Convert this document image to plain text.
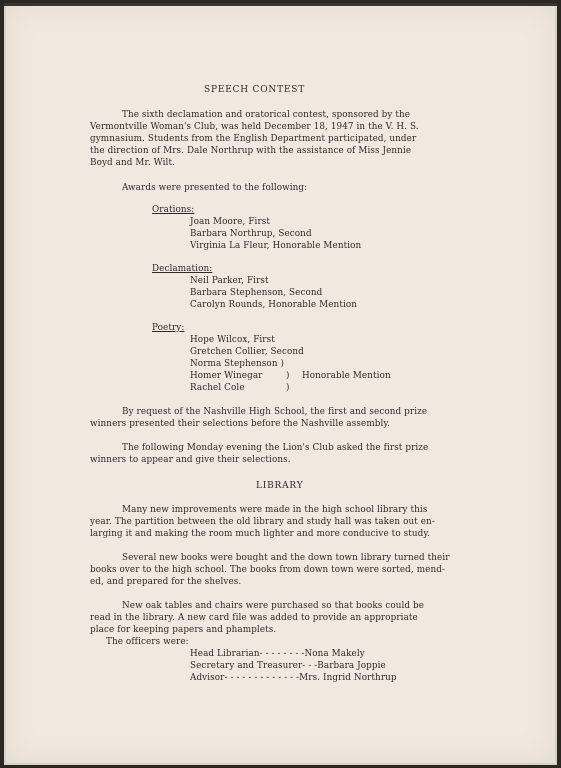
SPEECH CONTEST
The sixth declamation and oratorical contest, sponsored by the
Vermontville Woman's Club, was held December 18, 1947 in the V. H. S.
gymnasium. Students from the English Department participated, under
the direction of Mrs. Dale Northrup with the assistance of Miss Jennie
Boyd and Mr. Wilt.
Awards were presented to the following:
Orations:
Joan Moore, First
Barbara Northrup, Second
Virginia La Fleur, Honorable Mention
Declamation:
Neil Parker, First
Barbara Stephenson, Second
Carolyn Rounds, Honorable Mention
Poetry:
Hope Wilcox, First
Gretchen Collier, Second
Norma Stephenson )
Homer Winegar	) Honorable Mention
Rachel Cole	)
By request of the Nashville High School, the first and second prize
winners presented their selections before the Nashville assembly.
The following Monday evening the Lion's Club asked the first prize
winners to appear and give their selections.
LIBRARY
Many new improvements were made in the high school library this
year. The partition between the old library and study hall was taken out en-
larging it and making the room much lighter and more conducive to study.
Several new books were bought and the down town library turned their
books over to the high school. The books from down town were sorted, mend-
ed, and prepared for the shelves.
New oak tables and chairs were purchased so that books could be
read in the library. A new card file was added to provide an appropriate
place for keeping papers and phamplets.
The officers were:
Head Librarian- - - - - - - -Nona Makely
Secretary and Treasurer- - -Barbara Joppie
Advisor- - - - - - - - - - - - -Mrs. Ingrid Northrup
